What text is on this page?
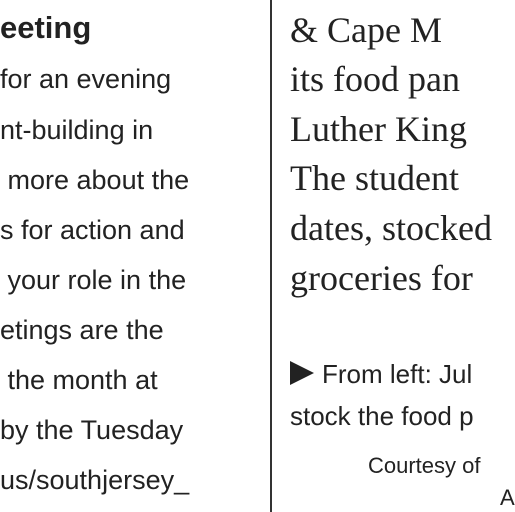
eeting
for an evening
nt-building in
more about the
s for action and
your role in the
etings are the
the month at
by the Tuesday
us/southjersey_
& Cape M
its food pan
Luther King
The student
dates, stocked
groceries for
From left: Jul
stock the food p
Courtesy of
A
